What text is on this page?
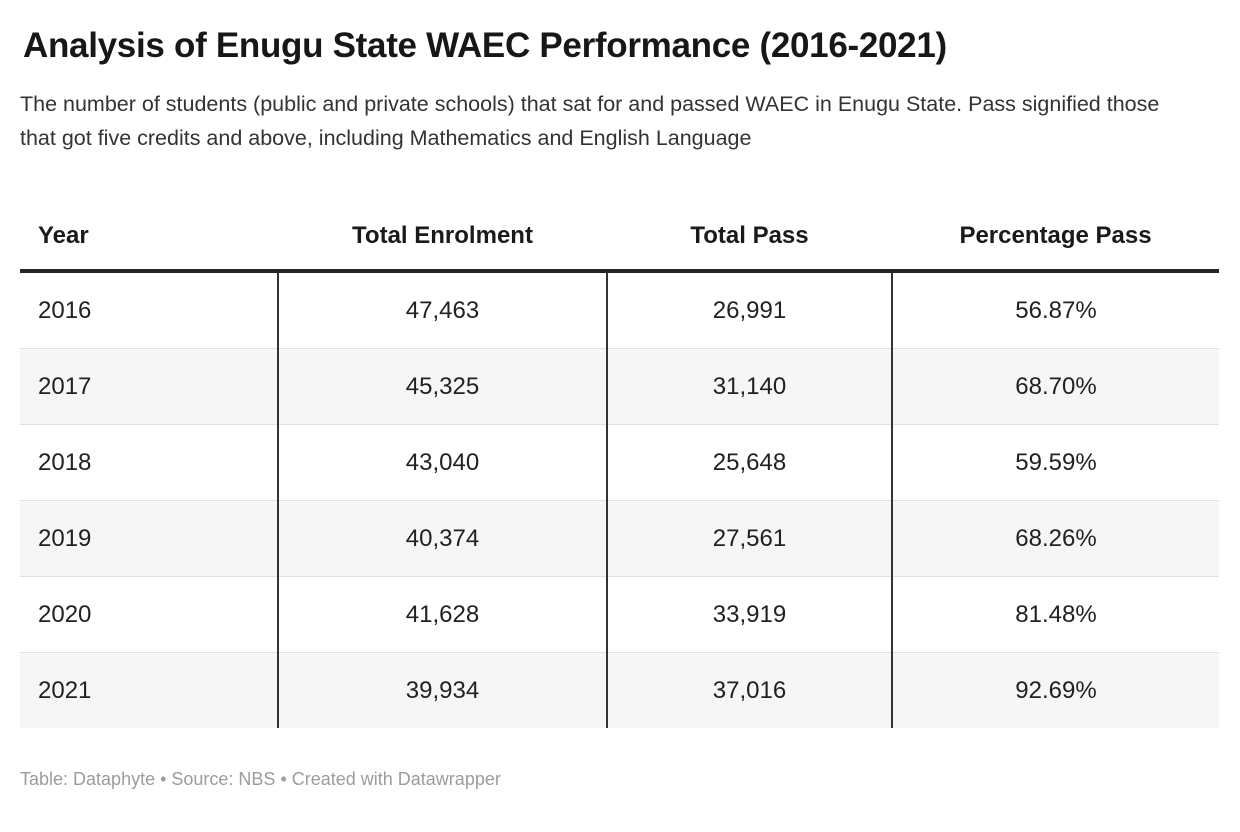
Analysis of Enugu State WAEC Performance (2016-2021)

The number of students (public and private schools) that sat for and passed WAEC in Enugu State. Pass signified those that got five credits and above, including Mathematics and English Language

Year	Total Enrolment	Total Pass	Percentage Pass
2016	47,463	26,991	56.87%
2017	45,325	31,140	68.70%
2018	43,040	25,648	59.59%
2019	40,374	27,561	68.26%
2020	41,628	33,919	81.48%
2021	39,934	37,016	92.69%
Table: Dataphyte • Source: NBS • Created with Datawrapper
